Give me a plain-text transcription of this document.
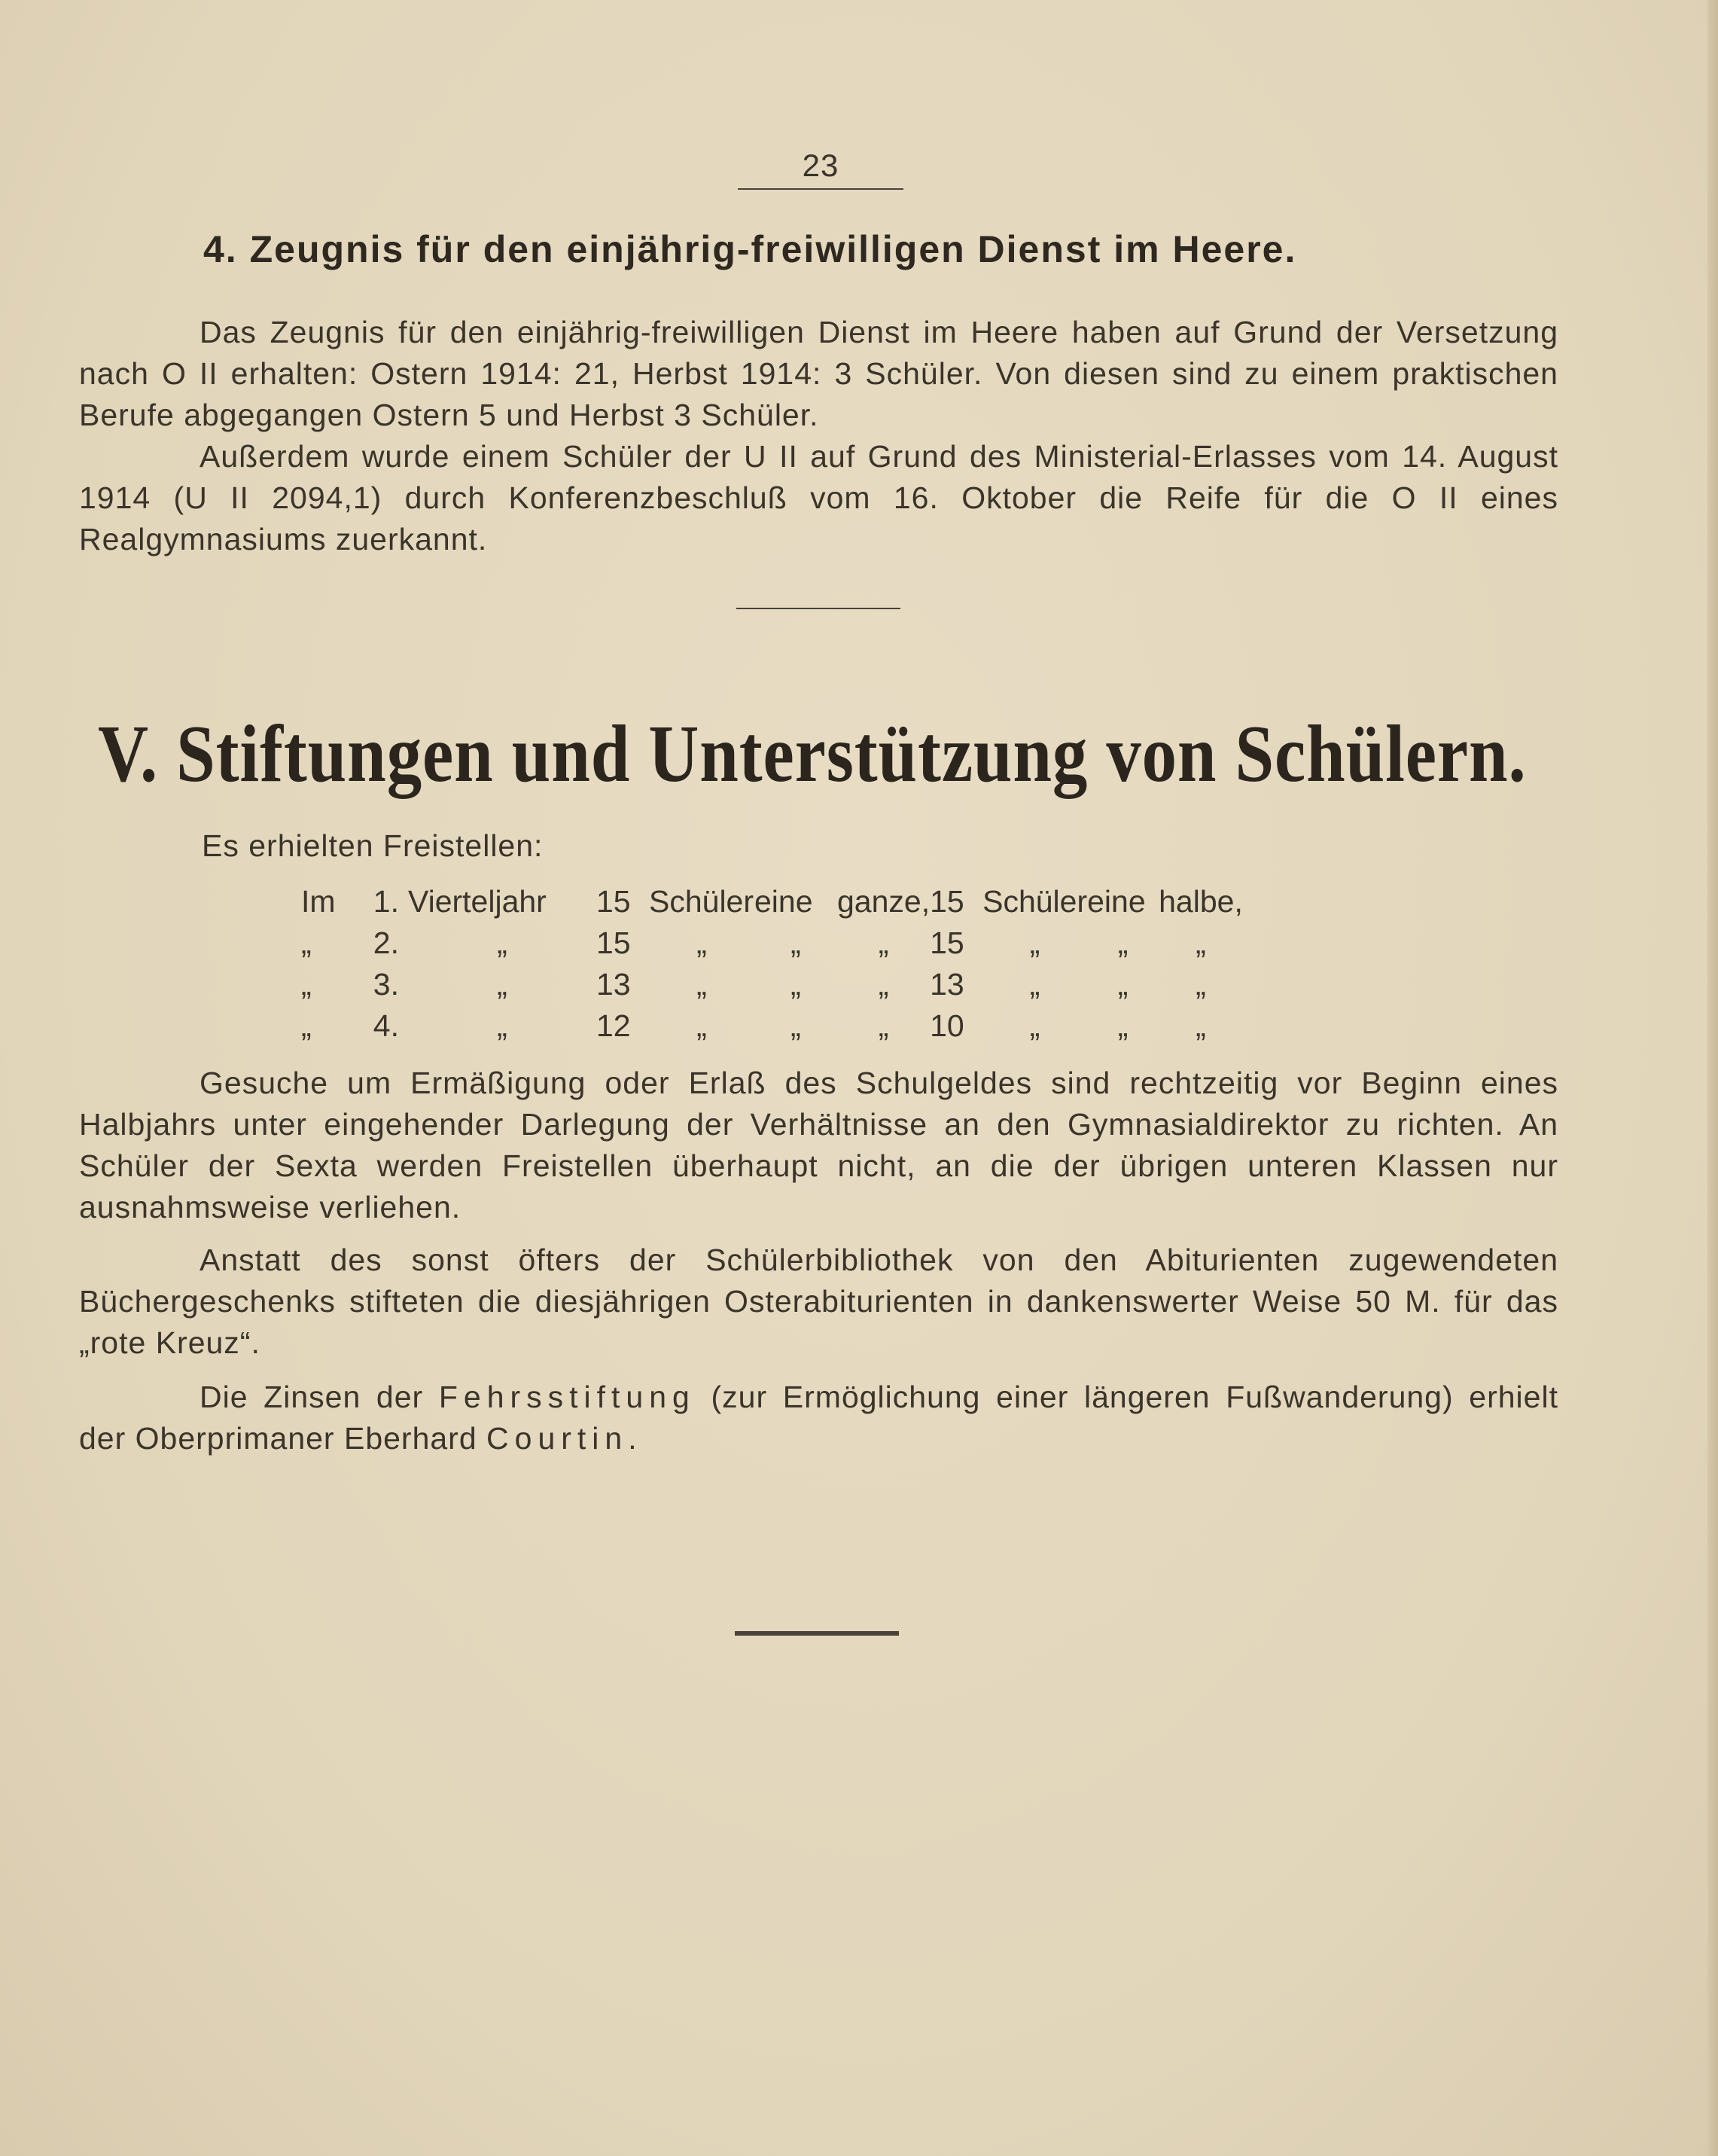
23
4. Zeugnis für den einjährig-freiwilligen Dienst im Heere.
Das Zeugnis für den einjährig-freiwilligen Dienst im Heere haben auf Grund der Versetzung nach O II erhalten: Ostern 1914: 21, Herbst 1914: 3 Schüler. Von diesen sind zu einem praktischen Berufe abgegangen Ostern 5 und Herbst 3 Schüler.
Außerdem wurde einem Schüler der U II auf Grund des Ministerial-Erlasses vom 14. August 1914 (U II 2094,1) durch Konferenzbeschluß vom 16. Oktober die Reife für die O II eines Realgymnasiums zuerkannt.
V. Stiftungen und Unterstützung von Schülern.
Es erhielten Freistellen:
Im	1.	Vierteljahr	15	Schüler	eine	ganze,	15	Schüler	eine	halbe,
„	2.	„	15	„	„	„	15	„	„	„
„	3.	„	13	„	„	„	13	„	„	„
„	4.	„	12	„	„	„	10	„	„	„
Gesuche um Ermäßigung oder Erlaß des Schulgeldes sind rechtzeitig vor Beginn eines Halbjahrs unter eingehender Darlegung der Verhältnisse an den Gymnasialdirektor zu richten. An Schüler der Sexta werden Freistellen überhaupt nicht, an die der übrigen unteren Klassen nur ausnahmsweise verliehen.
Anstatt des sonst öfters der Schülerbibliothek von den Abiturienten zugewendeten Büchergeschenks stifteten die diesjährigen Osterabiturienten in dankenswerter Weise 50 M. für das „rote Kreuz“.
Die Zinsen der Fehrsstiftung (zur Ermöglichung einer längeren Fußwanderung) erhielt der Oberprimaner Eberhard Courtin.
